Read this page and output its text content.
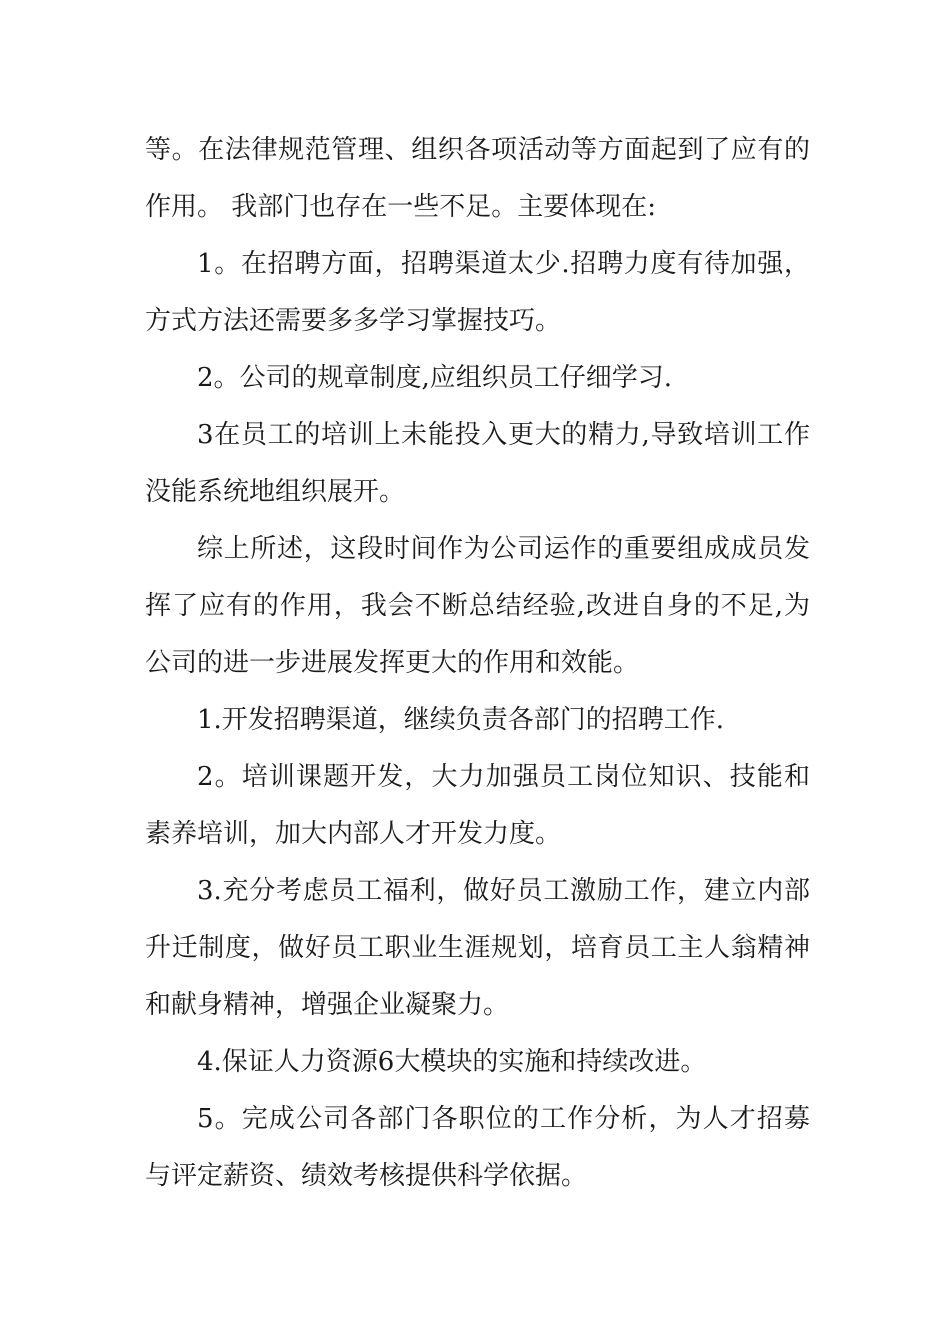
等。在法律规范管理、组织各项活动等方面起到了应有的作用。 我部门也存在一些不足。主要体现在:

1。在招聘方面，招聘渠道太少.招聘力度有待加强，方式方法还需要多多学习掌握技巧。

2。公司的规章制度,应组织员工仔细学习.

3在员工的培训上未能投入更大的精力,导致培训工作没能系统地组织展开。

综上所述，这段时间作为公司运作的重要组成成员发挥了应有的作用，我会不断总结经验,改进自身的不足,为公司的进一步进展发挥更大的作用和效能。

1.开发招聘渠道，继续负责各部门的招聘工作.

2。培训课题开发，大力加强员工岗位知识、技能和素养培训，加大内部人才开发力度。

3.充分考虑员工福利，做好员工激励工作，建立内部升迁制度，做好员工职业生涯规划，培育员工主人翁精神和献身精神，增强企业凝聚力。

4.保证人力资源6大模块的实施和持续改进。

5。完成公司各部门各职位的工作分析，为人才招募与评定薪资、绩效考核提供科学依据。
